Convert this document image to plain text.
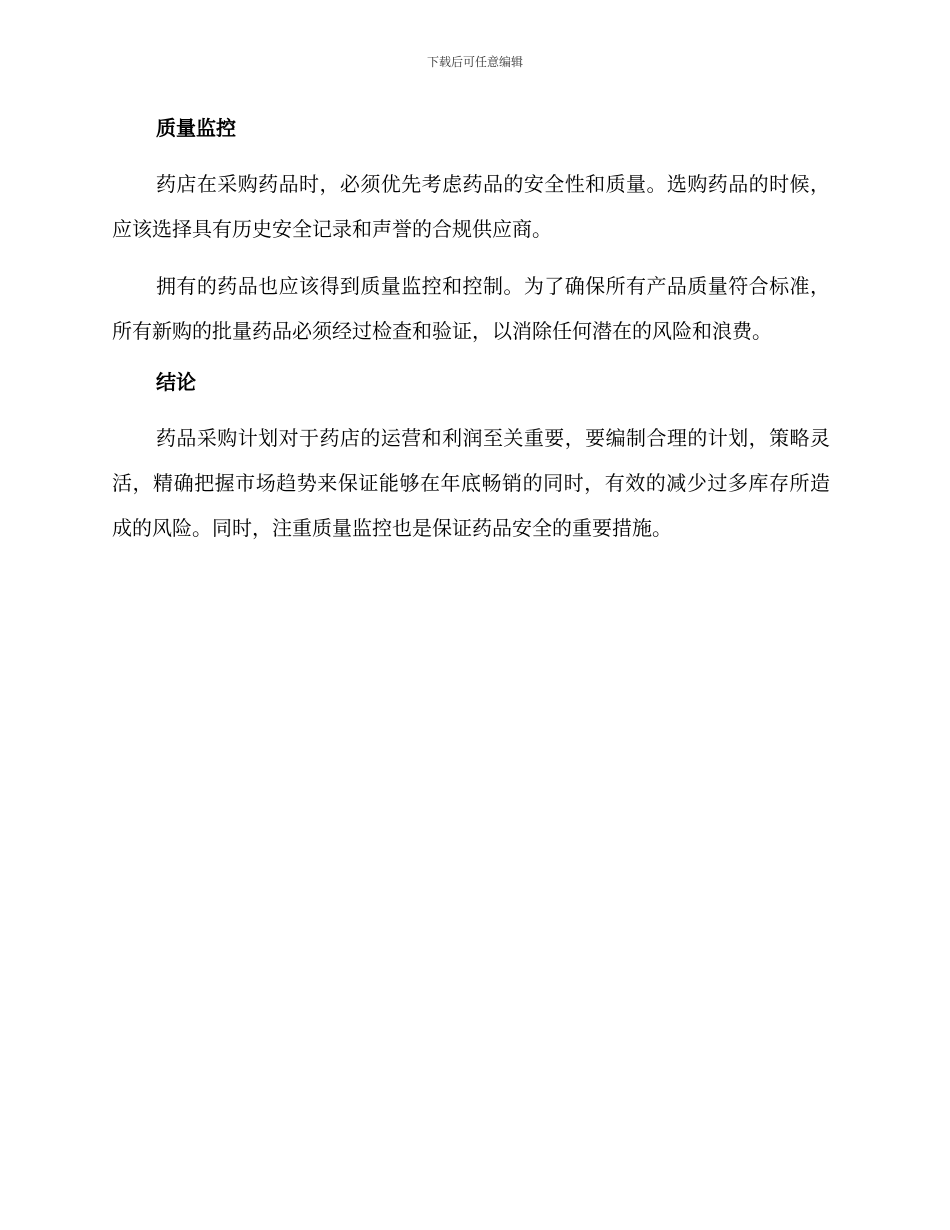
下载后可任意编辑
质量监控

药店在采购药品时，必须优先考虑药品的安全性和质量。选购药品的时候，应该选择具有历史安全记录和声誉的合规供应商。

拥有的药品也应该得到质量监控和控制。为了确保所有产品质量符合标准，所有新购的批量药品必须经过检查和验证，以消除任何潜在的风险和浪费。

结论

药品采购计划对于药店的运营和利润至关重要，要编制合理的计划，策略灵活，精确把握市场趋势来保证能够在年底畅销的同时，有效的减少过多库存所造成的风险。同时，注重质量监控也是保证药品安全的重要措施。
